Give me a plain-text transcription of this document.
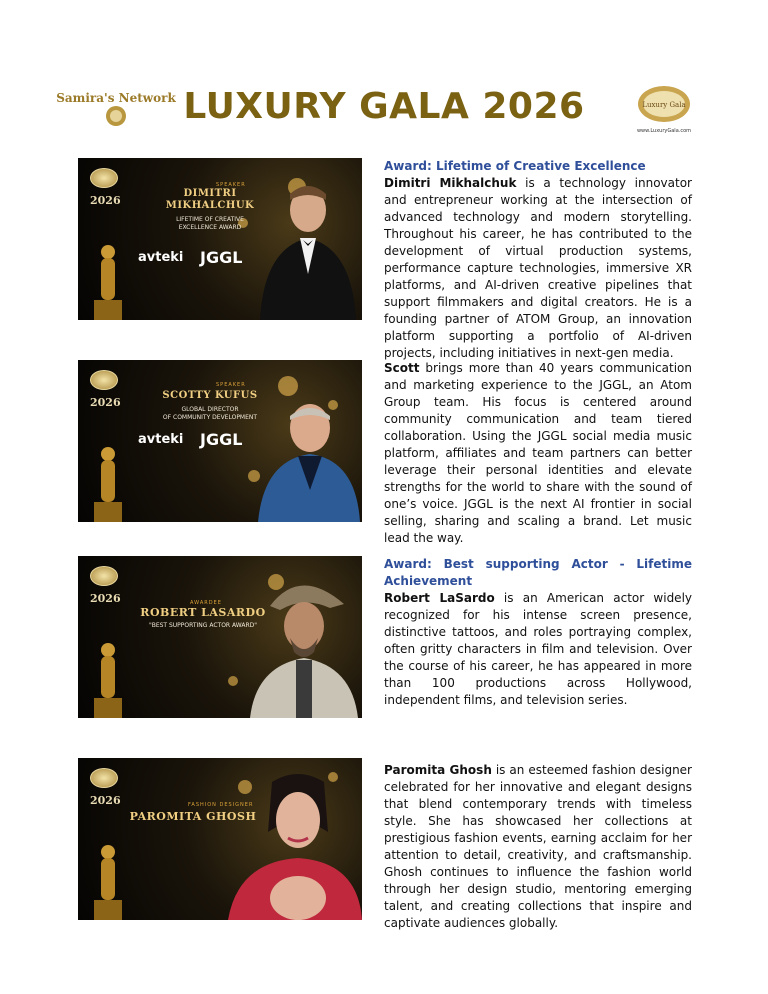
Samira's Network LUXURY GALA 2026	Luxury Gala
www.LuxuryGala.com
2026
SPEAKER
DIMITRI
MIKHALCHUK
LIFETIME OF CREATIVE
EXCELLENCE AWARD
avteki JGGL
Award: Lifetime of Creative Excellence
Dimitri Mikhalchuk is a technology innovator and entrepreneur working at the intersection of advanced technology and modern storytelling. Throughout his career, he has contributed to the development of virtual production systems, performance capture technologies, immersive XR platforms, and AI-driven creative pipelines that support filmmakers and digital creators. He is a founding partner of ATOM Group, an innovation platform supporting a portfolio of AI-driven projects, including initiatives in next-gen media.
2026
SPEAKER
SCOTTY KUFUS
GLOBAL DIRECTOR
OF COMMUNITY DEVELOPMENT
avteki JGGL
Scott brings more than 40 years communication and marketing experience to the JGGL, an Atom Group team. His focus is centered around community communication and team tiered collaboration. Using the JGGL social media music platform, affiliates and team partners can better leverage their personal identities and elevate strengths for the world to share with the sound of one’s voice. JGGL is the next AI frontier in social selling, sharing and scaling a brand. Let music lead the way.
2026	AWARDEE
ROBERT LASARDO
"BEST SUPPORTING ACTOR AWARD"
Award: Best supporting Actor - Lifetime Achievement
Robert LaSardo is an American actor widely recognized for his intense screen presence, distinctive tattoos, and roles portraying complex, often gritty characters in film and television. Over the course of his career, he has appeared in more than 100 productions across Hollywood, independent films, and television series.
2026	FASHION DESIGNER
PAROMITA GHOSH
Paromita Ghosh is an esteemed fashion designer celebrated for her innovative and elegant designs that blend contemporary trends with timeless style. She has showcased her collections at prestigious fashion events, earning acclaim for her attention to detail, creativity, and craftsmanship. Ghosh continues to influence the fashion world through her design studio, mentoring emerging talent, and creating collections that inspire and captivate audiences globally.
